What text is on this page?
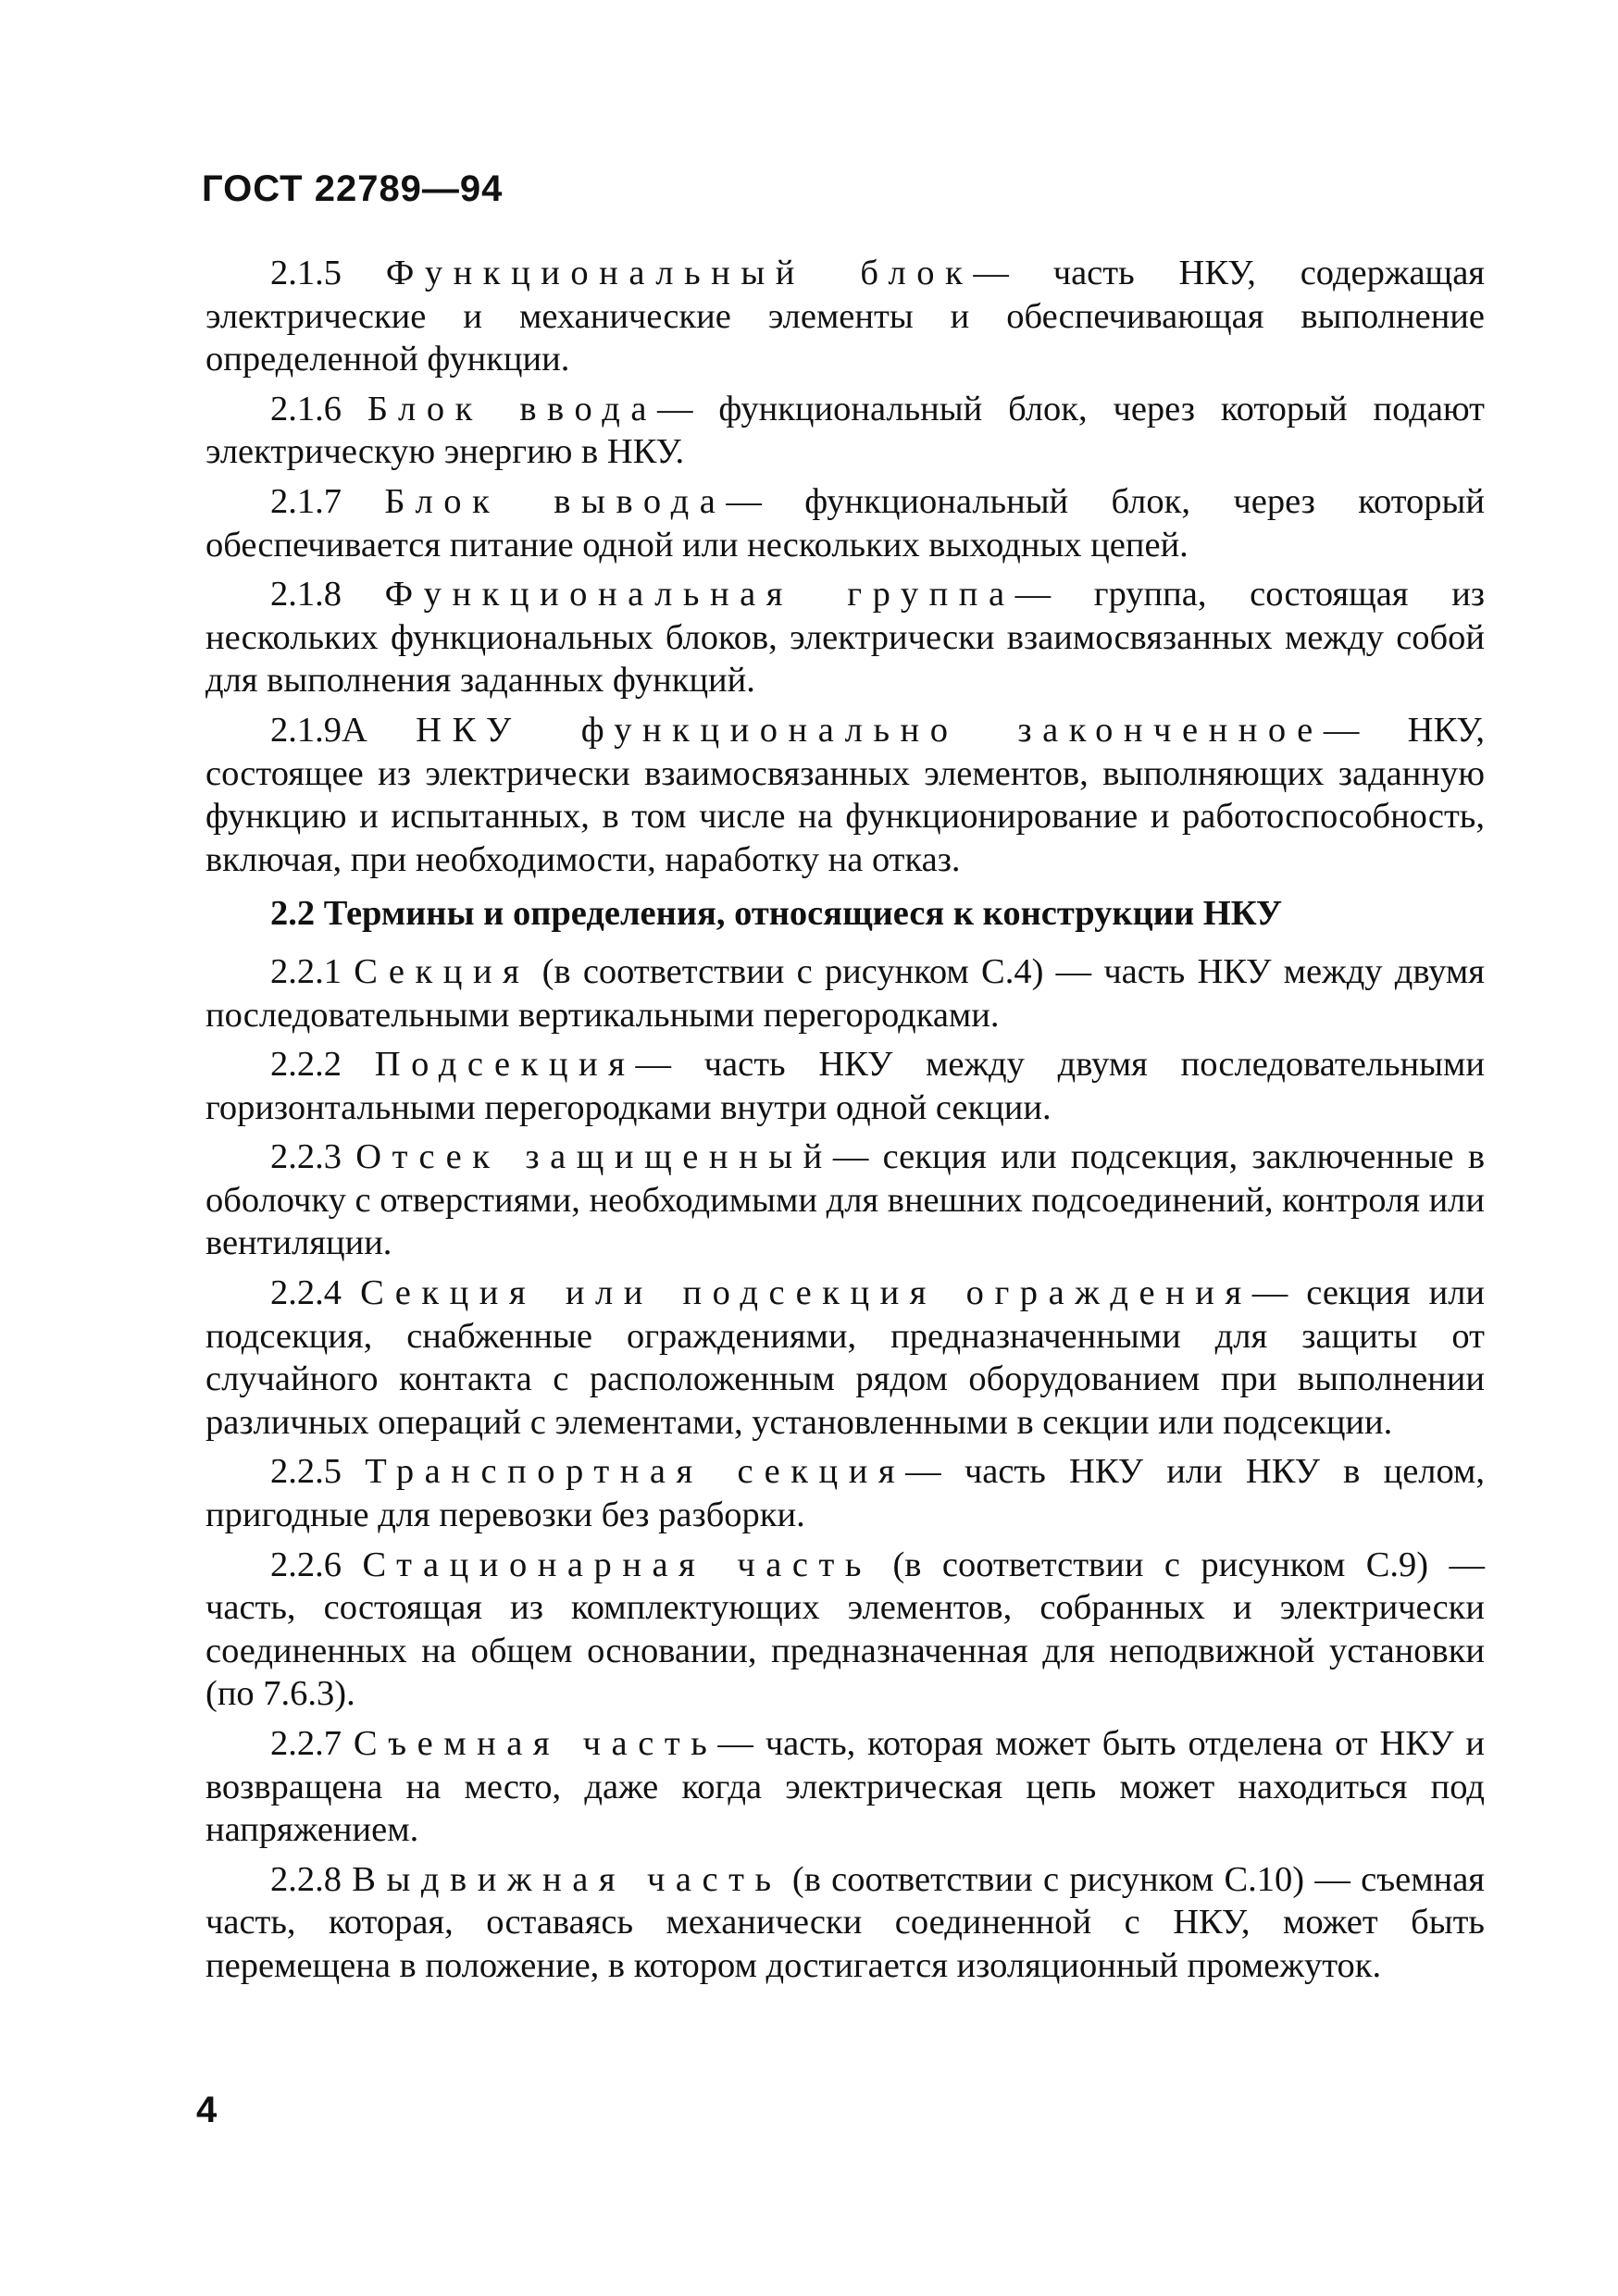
ГОСТ 22789—94

2.1.5 Функциональный блок— часть НКУ, содержащая электрические и механические элементы и обеспечивающая выполнение определенной функции.

2.1.6 Блок ввода— функциональный блок, через который подают электрическую энергию в НКУ.

2.1.7 Блок вывода— функциональный блок, через который обеспечивается питание одной или нескольких выходных цепей.

2.1.8 Функциональная группа— группа, состоящая из нескольких функциональных блоков, электрически взаимосвязанных между собой для выполнения заданных функций.

2.1.9А НКУ функционально законченное— НКУ, состоящее из электрически взаимосвязанных элементов, выполняющих заданную функцию и испытанных, в том числе на функционирование и работоспособность, включая, при необходимости, наработку на отказ.

2.2 Термины и определения, относящиеся к конструкции НКУ

2.2.1 Секция (в соответствии с рисунком С.4) — часть НКУ между двумя последовательными вертикальными перегородками.

2.2.2 Подсекция— часть НКУ между двумя последовательными горизонтальными перегородками внутри одной секции.

2.2.3 Отсек защищенный— секция или подсекция, заключенные в оболочку с отверстиями, необходимыми для внешних подсоединений, контроля или вентиляции.

2.2.4 Секция или подсекция ограждения— секция или подсекция, снабженные ограждениями, предназначенными для защиты от случайного контакта с расположенным рядом оборудованием при выполнении различных операций с элементами, установленными в секции или подсекции.

2.2.5 Транспортная секция— часть НКУ или НКУ в целом, пригодные для перевозки без разборки.

2.2.6 Стационарная часть (в соответствии с рисунком С.9) — часть, состоящая из комплектующих элементов, собранных и электрически соединенных на общем основании, предназначенная для неподвижной установки (по 7.6.3).

2.2.7 Съемная часть— часть, которая может быть отделена от НКУ и возвращена на место, даже когда электрическая цепь может находиться под напряжением.

2.2.8 Выдвижная часть (в соответствии с рисунком С.10) — съемная часть, которая, оставаясь механически соединенной с НКУ, может быть перемещена в положение, в котором достигается изоляционный промежуток.

4
